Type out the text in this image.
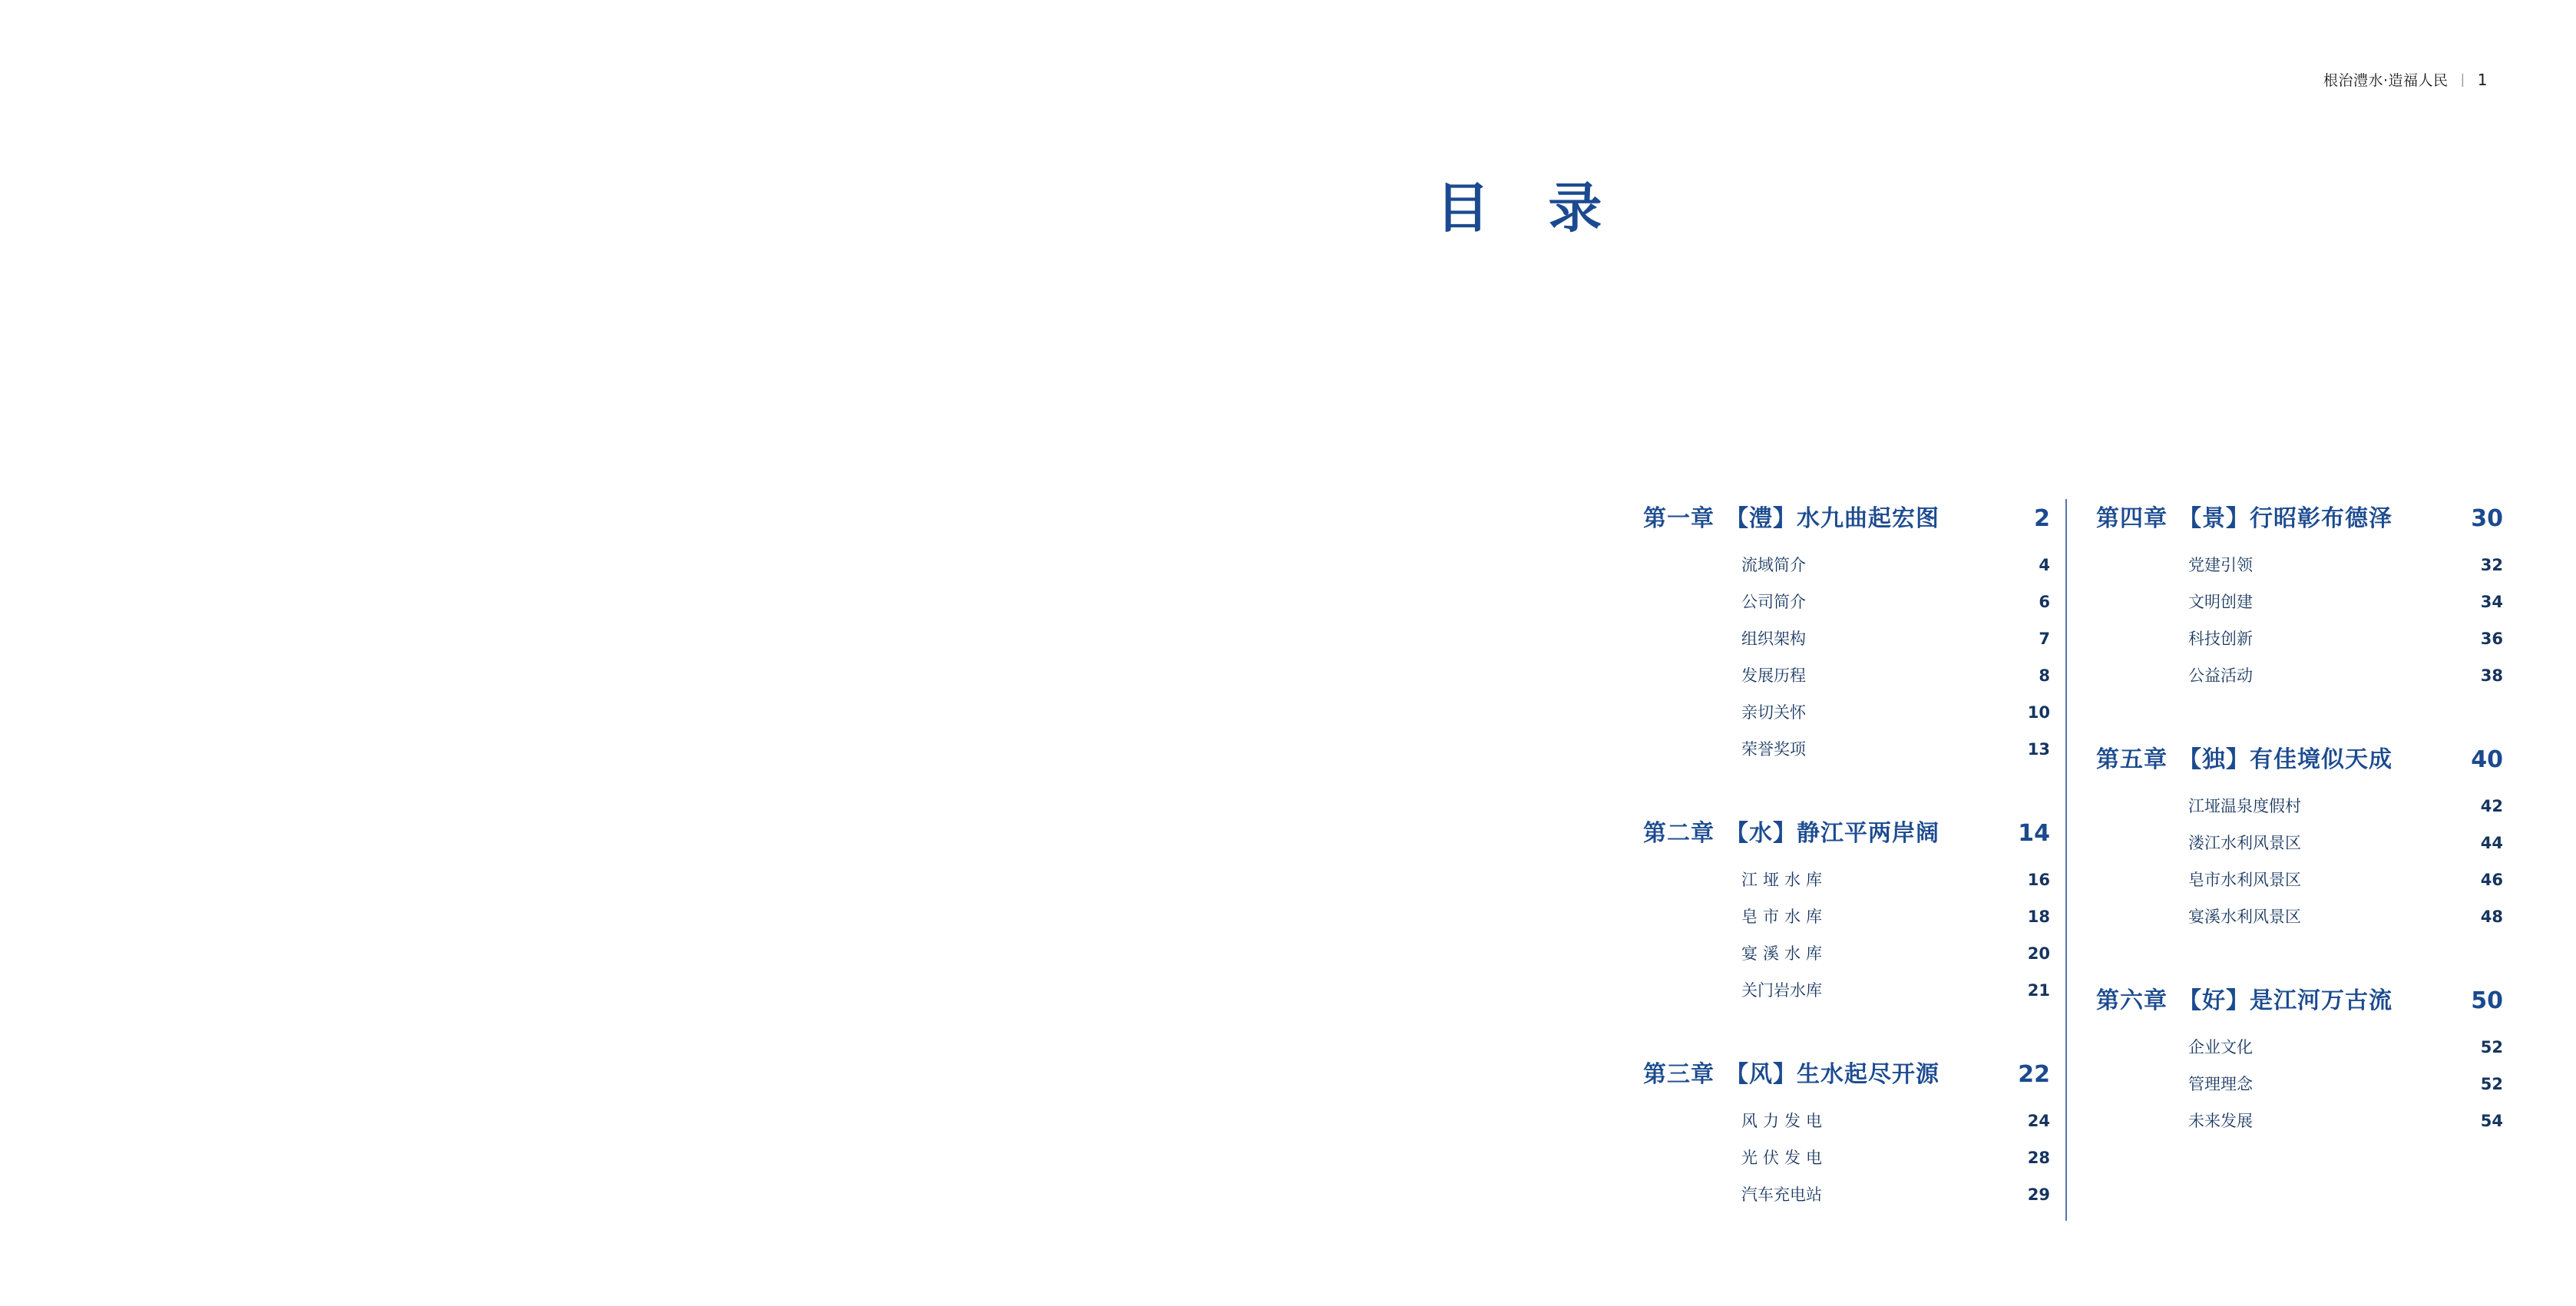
根治澧水·造福人民 | 1
目 录
第一章 【澧】水九曲起宏图	2
流域简介	4
公司简介	6
组织架构	7
发展历程	8
亲切关怀	10
荣誉奖项	13
第二章 【水】静江平两岸阔	14
江垭水库	16
皂市水库	18
宴溪水库	20
关门岩水库	21
第三章 【风】生水起尽开源	22
风力发电	24
光伏发电	28
汽车充电站	29
第四章 【景】行昭彰布德泽	30
党建引领	32
文明创建	34
科技创新	36
公益活动	38
第五章 【独】有佳境似天成	40
江垭温泉度假村	42
溇江水利风景区	44
皂市水利风景区	46
宴溪水利风景区	48
第六章 【好】是江河万古流	50
企业文化	52
管理理念	52
未来发展	54
